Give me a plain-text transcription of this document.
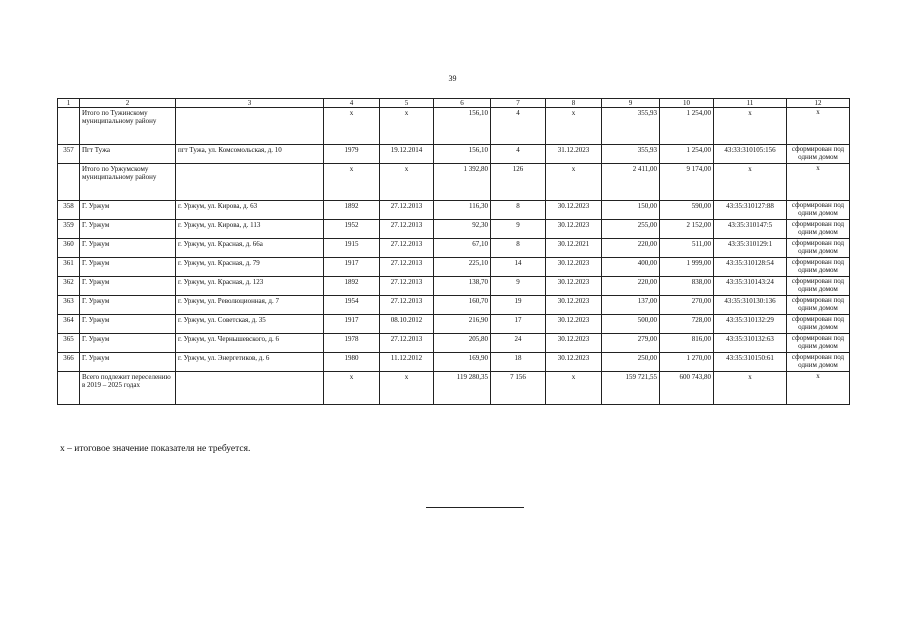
39
1	2	3	4	5	6	7	8	9	10	11	12
	Итого по Тужинскому муниципальному району		х	х	156,10	4	х	355,93	1 254,00	х	х
357	Пгт Тужа	пгт Тужа, ул. Комсомольская, д. 10	1979	19.12.2014	156,10	4	31.12.2023	355,93	1 254,00	43:33:310105:156	сформирован под одним домом
	Итого по Уржумскому муниципальному району		х	х	1 392,80	126	х	2 411,00	9 174,00	х	х
358	Г. Уржум	г. Уржум, ул. Кирова, д. 63	1892	27.12.2013	116,30	8	30.12.2023	150,00	590,00	43:35:310127:88	сформирован под одним домом
359	Г. Уржум	г. Уржум, ул. Кирова, д. 113	1952	27.12.2013	92,30	9	30.12.2023	255,00	2 152,00	43:35:310147:5	сформирован под одним домом
360	Г. Уржум	г. Уржум, ул. Красная, д. 66а	1915	27.12.2013	67,10	8	30.12.2021	220,00	511,00	43:35:310129:1	сформирован под одним домом
361	Г. Уржум	г. Уржум, ул. Красная, д. 79	1917	27.12.2013	225,10	14	30.12.2023	400,00	1 999,00	43:35:310128:54	сформирован под одним домом
362	Г. Уржум	г. Уржум, ул. Красная, д. 123	1892	27.12.2013	138,70	9	30.12.2023	220,00	838,00	43:35:310143:24	сформирован под одним домом
363	Г. Уржум	г. Уржум, ул. Революционная, д. 7	1954	27.12.2013	160,70	19	30.12.2023	137,00	270,00	43:35:310130:136	сформирован под одним домом
364	Г. Уржум	г. Уржум, ул. Советская, д. 35	1917	08.10.2012	216,90	17	30.12.2023	500,00	728,00	43:35:310132:29	сформирован под одним домом
365	Г. Уржум	г. Уржум, ул. Чернышевского, д. 6	1978	27.12.2013	205,80	24	30.12.2023	279,00	816,00	43:35:310132:63	сформирован под одним домом
366	Г. Уржум	г. Уржум, ул. Энергетиков, д. 6	1980	11.12.2012	169,90	18	30.12.2023	250,00	1 270,00	43:35:310150:61	сформирован под одним домом
	Всего подлежит переселению в 2019 – 2025 годах		х	х	119 280,35	7 156	х	159 721,55	600 743,80	х	х
х – итоговое значение показателя не требуется.
